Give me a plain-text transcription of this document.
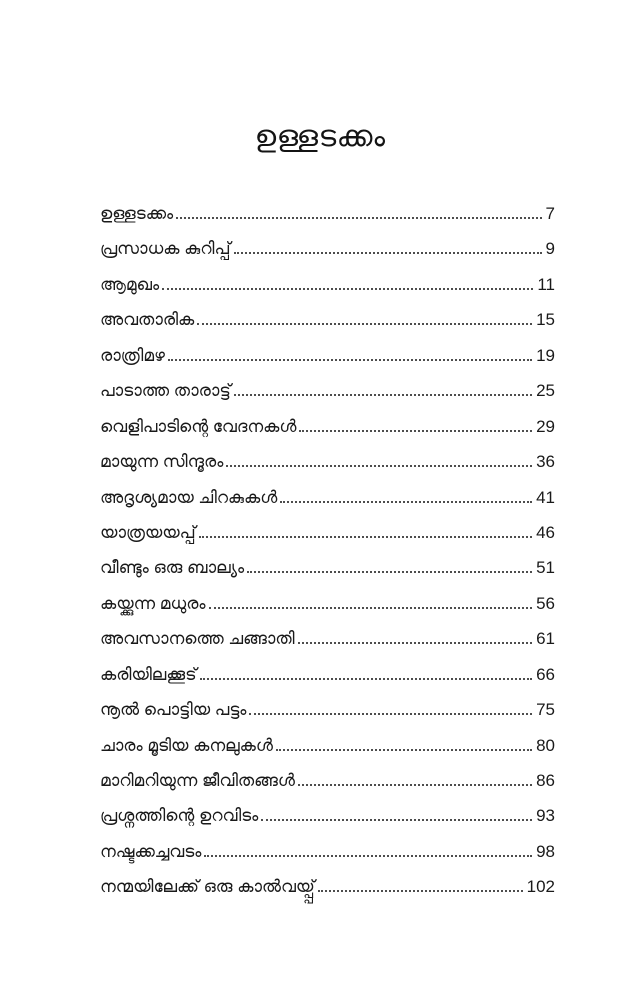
ഉള്ളടക്കം
ഉള്ളടക്കം	7
പ്രസാധക കുറിപ്പ്	9
ആമുഖം	11
അവതാരിക	15
രാത്രിമഴ	19
പാടാത്ത താരാട്ട്	25
വെളിപാടിന്റെ വേദനകൾ	29
മായുന്ന സിന്ദൂരം	36
അദൃശ്യമായ ചിറകുകൾ	41
യാത്രയയപ്പ്	46
വീണ്ടും ഒരു ബാല്യം	51
കയ്ക്കുന്ന മധുരം	56
അവസാനത്തെ ചങ്ങാതി	61
കരിയിലക്കൂട്	66
നൂൽ പൊട്ടിയ പട്ടം	75
ചാരം മൂടിയ കനലുകൾ	80
മാറിമറിയുന്ന ജീവിതങ്ങൾ	86
പ്രശ്നത്തിന്റെ ഉറവിടം	93
നഷ്ടക്കച്ചവടം	98
നന്മയിലേക്ക് ഒരു കാൽവയ്പ്പ്	102
